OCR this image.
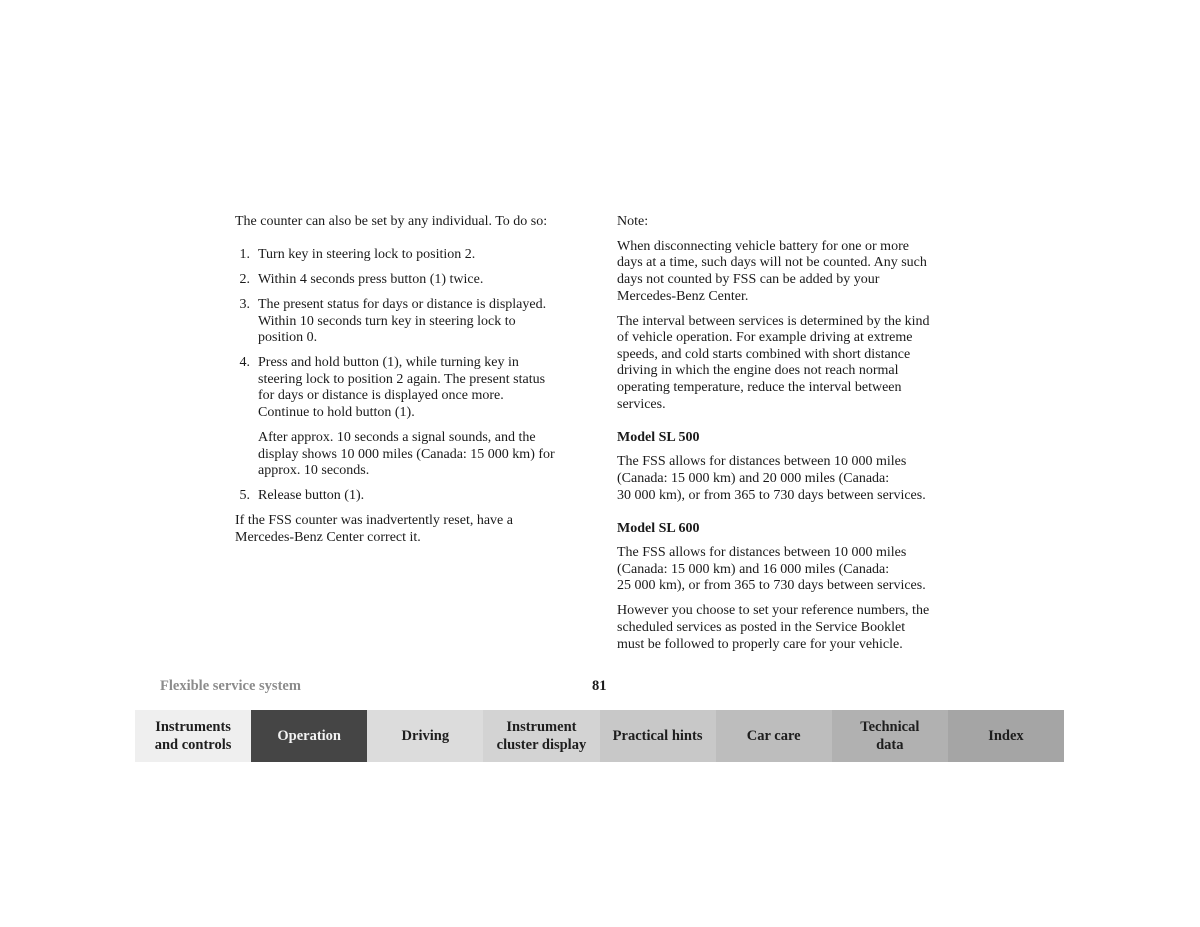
The counter can also be set by any individual. To do so:
1. Turn key in steering lock to position 2.
2. Within 4 seconds press button (1) twice.
3. The present status for days or distance is displayed.
Within 10 seconds turn key in steering lock to
position 0.
4. Press and hold button (1), while turning key in
steering lock to position 2 again. The present status
for days or distance is displayed once more.
Continue to hold button (1).
After approx. 10 seconds a signal sounds, and the
display shows 10 000 miles (Canada: 15 000 km) for
approx. 10 seconds.
5. Release button (1).
If the FSS counter was inadvertently reset, have a
Mercedes-Benz Center correct it.
Note:
When disconnecting vehicle battery for one or more
days at a time, such days will not be counted. Any such
days not counted by FSS can be added by your
Mercedes-Benz Center.
The interval between services is determined by the kind
of vehicle operation. For example driving at extreme
speeds, and cold starts combined with short distance
driving in which the engine does not reach normal
operating temperature, reduce the interval between
services.
Model SL 500
The FSS allows for distances between 10 000 miles
(Canada: 15 000 km) and 20 000 miles (Canada:
30 000 km), or from 365 to 730 days between services.
Model SL 600
The FSS allows for distances between 10 000 miles
(Canada: 15 000 km) and 16 000 miles (Canada:
25 000 km), or from 365 to 730 days between services.
However you choose to set your reference numbers, the
scheduled services as posted in the Service Booklet
must be followed to properly care for your vehicle.
Flexible service system	81
Instruments
and controls
Operation	Driving
Instrument
cluster display
Practical hints	Car care
Technical
data
Index
